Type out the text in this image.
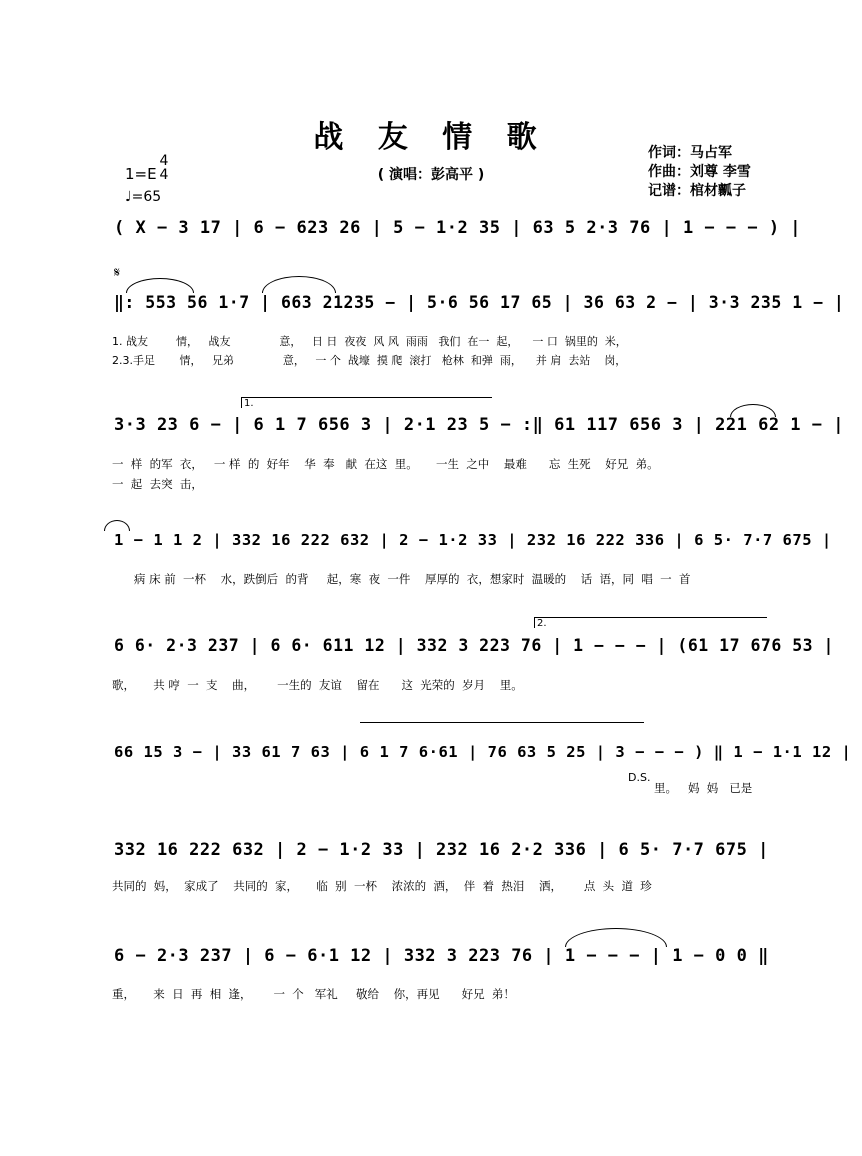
战 友 情 歌
( 演唱：彭高平 )
作词：马占军
作曲：刘尊 李雪
记谱：棺材瓤子
1=E
4
4
♩=65
( X − 3 17 | 6 − 623 26 | 5 − 1·2 35 | 63 5 2·3 76 | 1 − − − ) |
𝄋
‖: 553 56 1·7 | 663 21235 − | 5·6 56 17 65 | 36 63 2 − | 3·3 235 1 − |
1. 战友        情，   战友              意，   日 日  夜夜  风 风  雨雨   我们  在一  起，    一 口  锅里的  米，
2.3.手足       情，   兄弟              意，   一 个  战壕  摸 爬  滚打   枪林  和弹  雨，    并 肩  去站    岗，
1.
3·3 23 6 − | 6 1 7 656 3 | 2·1 23 5 − :‖ 61 117 656 3 | 221 62 1 − |
一  样  的军  衣，   一 样  的  好年    华  奉   献  在这  里。     一生  之中    最难      忘  生死    好兄  弟。
一  起  去突  击，
1 − 1 1 2 | 332 16 222 632 | 2 − 1·2 33 | 232 16 222 336 | 6 5· 7·7 675 |
病 床 前  一杯    水，跌倒后  的背     起，寒  夜  一件    厚厚的  衣，想家时  温暖的    话  语，同  唱  一  首
2.
6 6· 2·3 237 | 6 6· 611 12 | 332 3 223 76 | 1 − − − | (61 17 676 53 |
歌，     共 哼  一  支    曲，      一生的  友谊    留在      这  光荣的  岁月    里。
66 15 3 − | 33 61 7 63 | 6 1 7 6·61 | 76 63 5 25 | 3 − − − ) ‖ 1 − 1·1 12 |
D.S.
里。   妈  妈   已是
332 16 222 632 | 2 − 1·2 33 | 232 16 2·2 336 | 6 5· 7·7 675 |
共同的  妈，  家成了    共同的  家，     临  别  一杯    浓浓的  酒，  伴  着  热泪    洒，      点  头  道  珍
6 − 2·3 237 | 6 − 6·1 12 | 332 3 223 76 | 1 − − − | 1 − 0 0 ‖
重，     来  日  再  相  逢，      一  个   军礼     敬给    你，再见      好兄  弟！
